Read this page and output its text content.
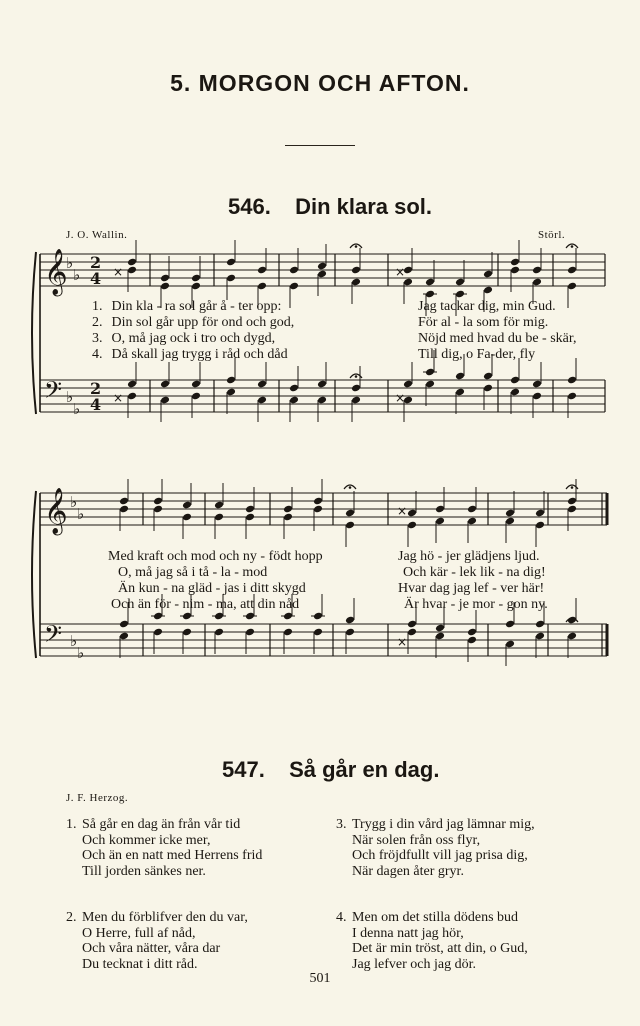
5. MORGON OCH AFTON.
546. Din klara sol.
J. O. Wallin.	Störl.
𝄞
𝄢
♭
♭
♭
♭
2
4
2
4
×	×
×	×
𝄞
𝄢
♭
♭
♭
♭
×
×
1. Din kla - ra sol går å - ter opp:	Jag tackar dig, min Gud.
2. Din sol går upp för ond och god,	För al - la som för mig.
3. O, må jag ock i tro och dygd,	Nöjd med hvad du be - skär,
4. Då skall jag trygg i råd och dåd	Till dig, o Fa-der, fly
Med kraft och mod och ny - födt hopp	Jag hö - jer glädjens ljud.
O, må jag så i tå - la - mod	Och kär - lek lik - na dig!
Än kun - na gläd - jas i ditt skygd	Hvar dag jag lef - ver här!
Och än för - nim - ma, att din nåd	Är hvar - je mor - gon ny.
547. Så går en dag.
J. F. Herzog.
1. Så går en dag än från vår tid
Och kommer icke mer,
Och än en natt med Herrens frid
Till jorden sänkes ner.
3. Trygg i din vård jag lämnar mig,
När solen från oss flyr,
Och fröjdfullt vill jag prisa dig,
När dagen åter gryr.
2. Men du förblifver den du var,
O Herre, full af nåd,
Och våra nätter, våra dar
Du tecknat i ditt råd.
4. Men om det stilla dödens bud
I denna natt jag hör,
Det är min tröst, att din, o Gud,
Jag lefver och jag dör.
501
